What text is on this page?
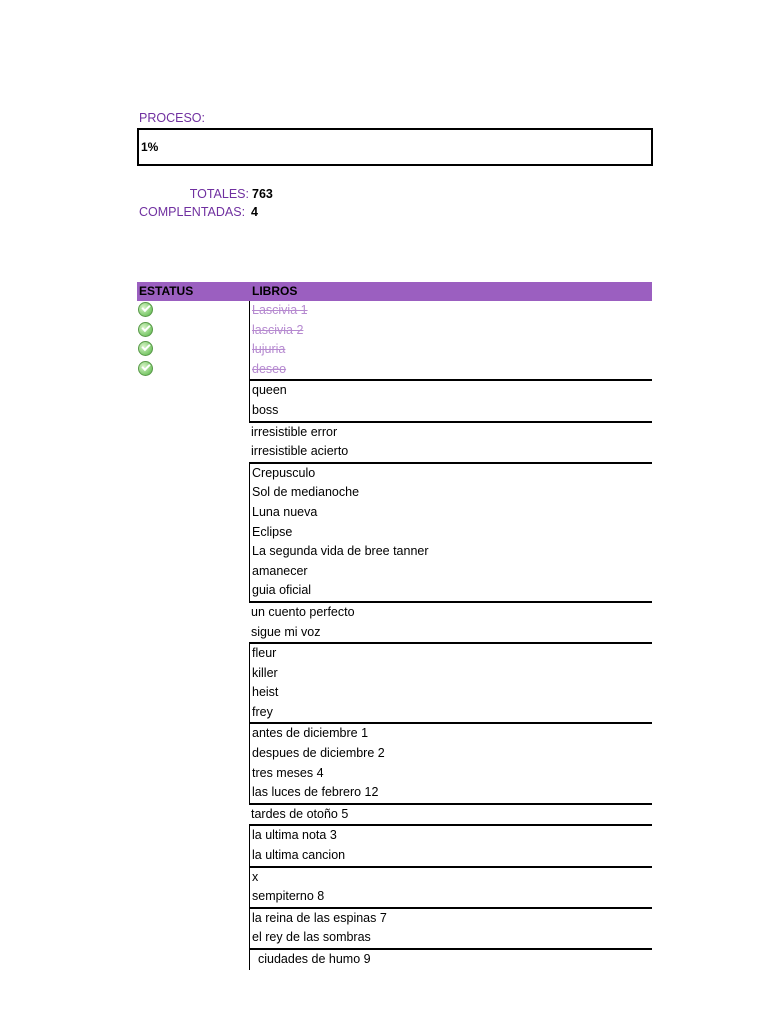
PROCESO:
1%
TOTALES: 763
COMPLENTADAS: 4
ESTATUS	LIBROS
Lascivia 1
lascivia 2
lujuria
deseo
queen
boss
irresistible error
irresistible acierto
Crepusculo
Sol de medianoche
Luna nueva
Eclipse
La segunda vida de bree tanner
amanecer
guia oficial
un cuento perfecto
sigue mi voz
fleur
killer
heist
frey
antes de diciembre 1
despues de diciembre 2
tres meses 4
las luces de febrero 12
tardes de otoño 5
la ultima nota 3
la ultima cancion
x
sempiterno 8
la reina de las espinas 7
el rey de las sombras
ciudades de humo 9
